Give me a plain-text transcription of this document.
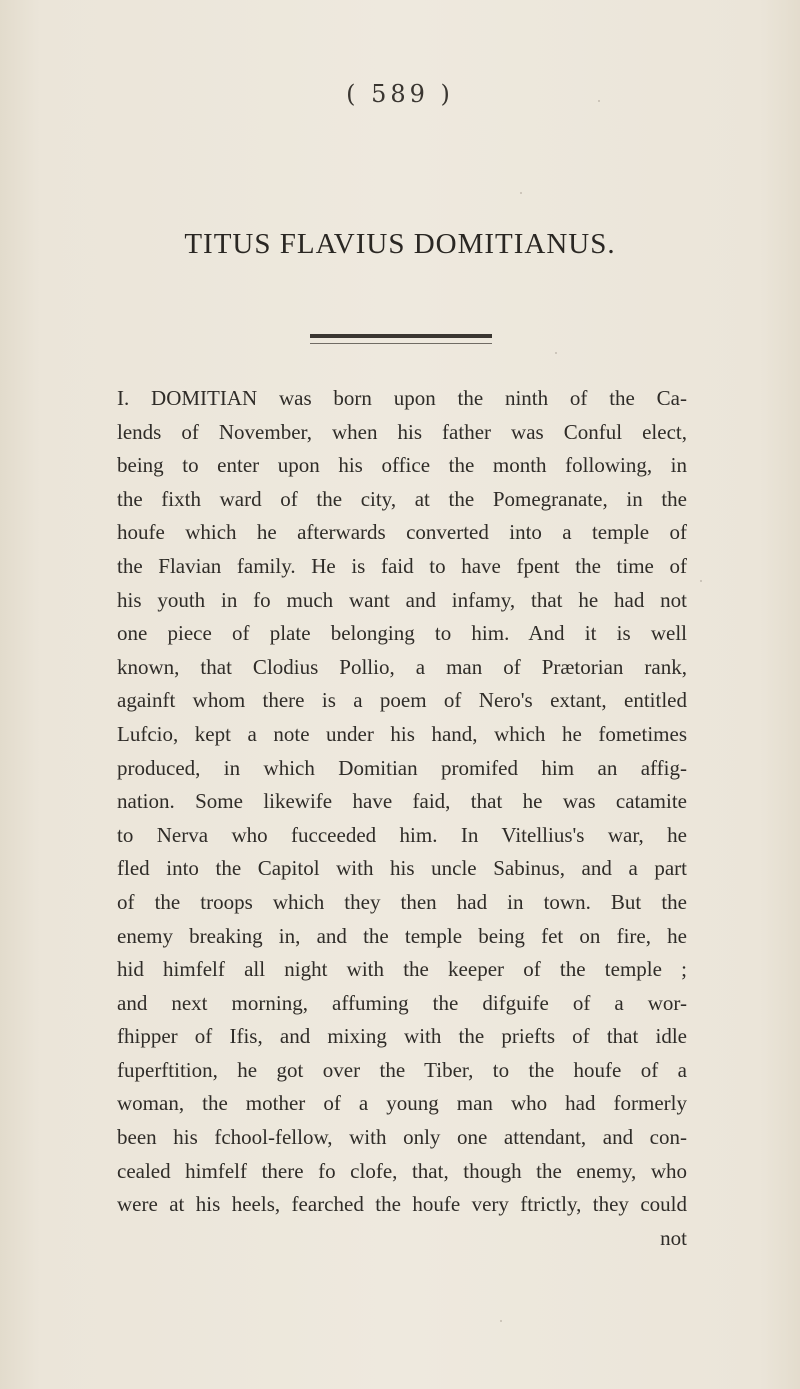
( 589 )
TITUS FLAVIUS DOMITIANUS.
I. DOMITIAN was born upon the ninth of the Ca-
lends of November, when his father was Conful elect,
being to enter upon his office the month following, in
the fixth ward of the city, at the Pomegranate, in the
houfe which he afterwards converted into a temple of
the Flavian family. He is faid to have fpent the time of
his youth in fo much want and infamy, that he had not
one piece of plate belonging to him. And it is well
known, that Clodius Pollio, a man of Prætorian rank,
againft whom there is a poem of Nero's extant, entitled
Lufcio, kept a note under his hand, which he fometimes
produced, in which Domitian promifed him an affig-
nation. Some likewife have faid, that he was catamite
to Nerva who fucceeded him. In Vitellius's war, he
fled into the Capitol with his uncle Sabinus, and a part
of the troops which they then had in town. But the
enemy breaking in, and the temple being fet on fire, he
hid himfelf all night with the keeper of the temple ;
and next morning, affuming the difguife of a wor-
fhipper of Ifis, and mixing with the priefts of that idle
fuperftition, he got over the Tiber, to the houfe of a
woman, the mother of a young man who had formerly
been his fchool-fellow, with only one attendant, and con-
cealed himfelf there fo clofe, that, though the enemy, who
were at his heels, fearched the houfe very ftrictly, they could
not
